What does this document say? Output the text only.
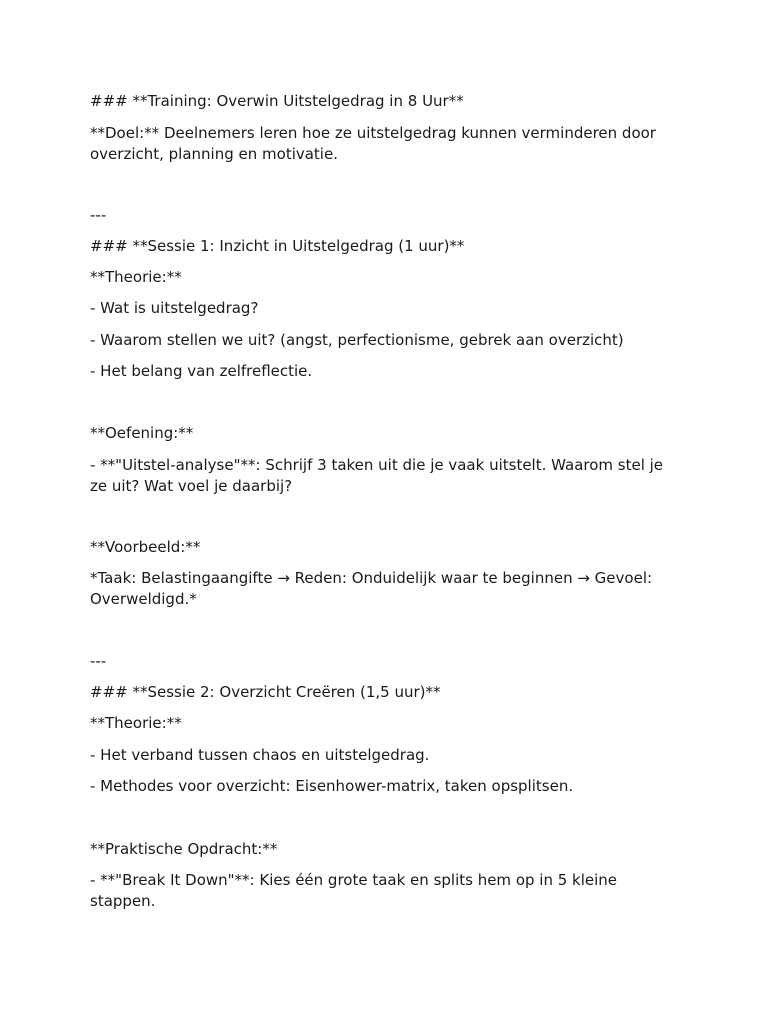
### **Training: Overwin Uitstelgedrag in 8 Uur**

**Doel:** Deelnemers leren hoe ze uitstelgedrag kunnen verminderen door overzicht, planning en motivatie.

---

### **Sessie 1: Inzicht in Uitstelgedrag (1 uur)**

**Theorie:**

- Wat is uitstelgedrag?

- Waarom stellen we uit? (angst, perfectionisme, gebrek aan overzicht)

- Het belang van zelfreflectie.

**Oefening:**

- **"Uitstel-analyse"**: Schrijf 3 taken uit die je vaak uitstelt. Waarom stel je ze uit? Wat voel je daarbij?

**Voorbeeld:**

*Taak: Belastingaangifte → Reden: Onduidelijk waar te beginnen → Gevoel: Overweldigd.*

---

### **Sessie 2: Overzicht Creëren (1,5 uur)**

**Theorie:**

- Het verband tussen chaos en uitstelgedrag.

- Methodes voor overzicht: Eisenhower-matrix, taken opsplitsen.

**Praktische Opdracht:**

- **"Break It Down"**: Kies één grote taak en splits hem op in 5 kleine stappen.
